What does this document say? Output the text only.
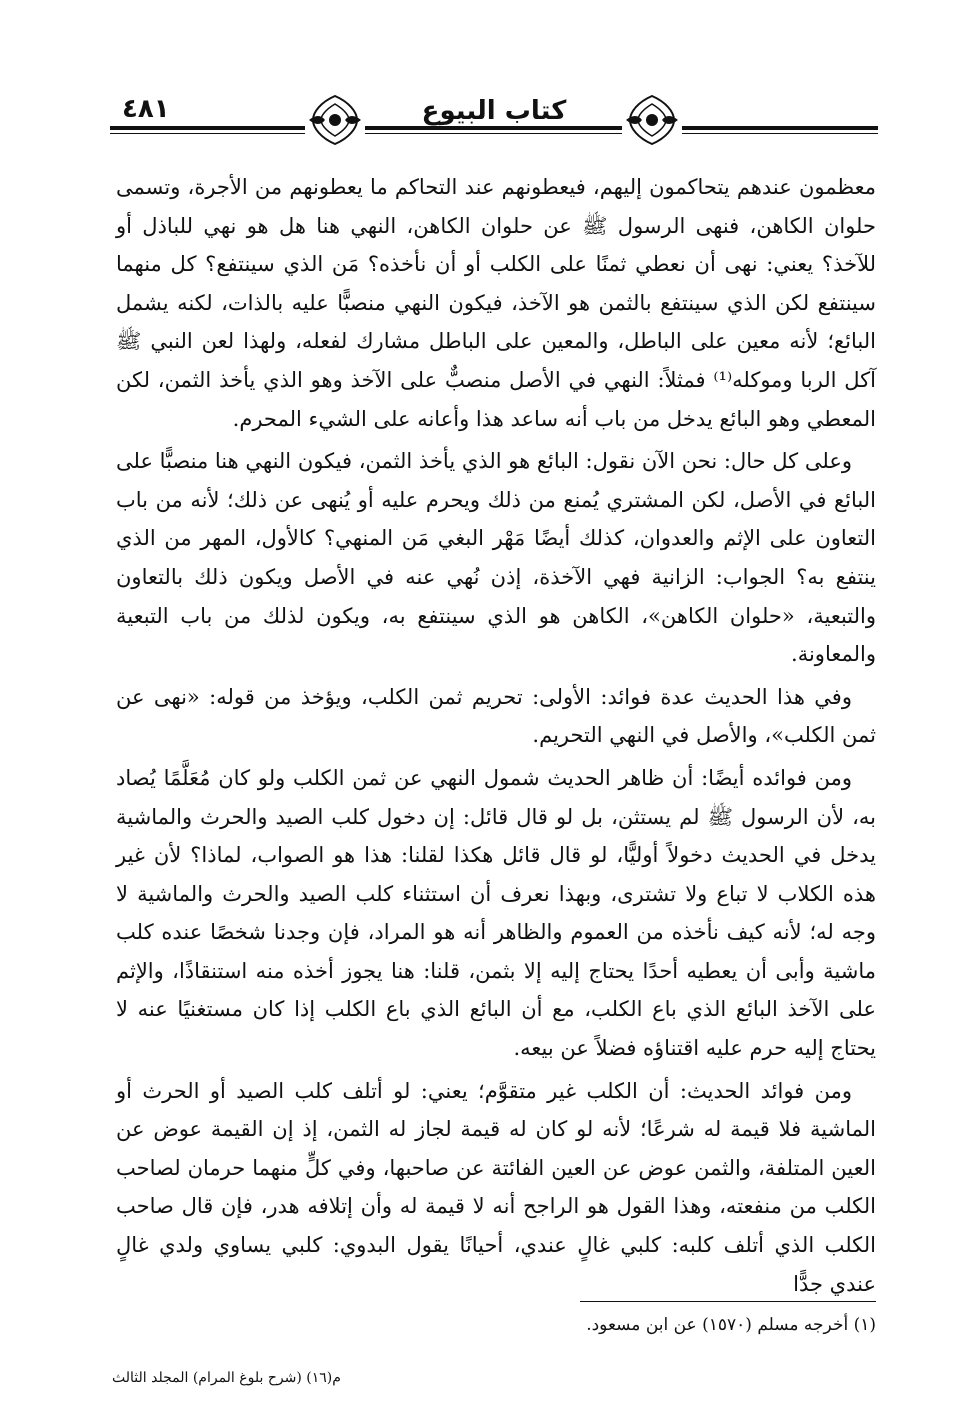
٤٨١	كتاب البيوع

معظمون عندهم يتحاكمون إليهم، فيعطونهم عند التحاكم ما يعطونهم من الأجرة، وتسمى حلوان الكاهن، فنهى الرسول ﷺ عن حلوان الكاهن، النهي هنا هل هو نهي للباذل أو للآخذ؟ يعني: نهى أن نعطي ثمنًا على الكلب أو أن نأخذه؟ مَن الذي سينتفع؟ كل منهما سينتفع لكن الذي سينتفع بالثمن هو الآخذ، فيكون النهي منصبًّا عليه بالذات، لكنه يشمل البائع؛ لأنه معين على الباطل، والمعين على الباطل مشارك لفعله، ولهذا لعن النبي ﷺ آكل الربا وموكله⁽¹⁾ فمثلاً: النهي في الأصل منصبٌّ على الآخذ وهو الذي يأخذ الثمن، لكن المعطي وهو البائع يدخل من باب أنه ساعد هذا وأعانه على الشيء المحرم.

وعلى كل حال: نحن الآن نقول: البائع هو الذي يأخذ الثمن، فيكون النهي هنا منصبًّا على البائع في الأصل، لكن المشتري يُمنع من ذلك ويحرم عليه أو يُنهى عن ذلك؛ لأنه من باب التعاون على الإثم والعدوان، كذلك أيضًا مَهْر البغي مَن المنهي؟ كالأول، المهر من الذي ينتفع به؟ الجواب: الزانية فهي الآخذة، إذن نُهي عنه في الأصل ويكون ذلك بالتعاون والتبعية، «حلوان الكاهن»، الكاهن هو الذي سينتفع به، ويكون لذلك من باب التبعية والمعاونة.

وفي هذا الحديث عدة فوائد: الأولى: تحريم ثمن الكلب، ويؤخذ من قوله: «نهى عن ثمن الكلب»، والأصل في النهي التحريم.

ومن فوائده أيضًا: أن ظاهر الحديث شمول النهي عن ثمن الكلب ولو كان مُعَلَّمًا يُصاد به، لأن الرسول ﷺ لم يستثن، بل لو قال قائل: إن دخول كلب الصيد والحرث والماشية يدخل في الحديث دخولاً أوليًّا، لو قال قائل هكذا لقلنا: هذا هو الصواب، لماذا؟ لأن غير هذه الكلاب لا تباع ولا تشترى، وبهذا نعرف أن استثناء كلب الصيد والحرث والماشية لا وجه له؛ لأنه كيف نأخذه من العموم والظاهر أنه هو المراد، فإن وجدنا شخصًا عنده كلب ماشية وأبى أن يعطيه أحدًا يحتاج إليه إلا بثمن، قلنا: هنا يجوز أخذه منه استنقاذًا، والإثم على الآخذ البائع الذي باع الكلب، مع أن البائع الذي باع الكلب إذا كان مستغنيًا عنه لا يحتاج إليه حرم عليه اقتناؤه فضلاً عن بيعه.

ومن فوائد الحديث: أن الكلب غير متقوَّم؛ يعني: لو أتلف كلب الصيد أو الحرث أو الماشية فلا قيمة له شرعًا؛ لأنه لو كان له قيمة لجاز له الثمن، إذ إن القيمة عوض عن العين المتلفة، والثمن عوض عن العين الفائتة عن صاحبها، وفي كلٍّ منهما حرمان لصاحب الكلب من منفعته، وهذا القول هو الراجح أنه لا قيمة له وأن إتلافه هدر، فإن قال صاحب الكلب الذي أتلف كلبه: كلبي غالٍ عندي، أحيانًا يقول البدوي: كلبي يساوي ولدي غالٍ عندي جدًّا

(١) أخرجه مسلم (١٥٧٠) عن ابن مسعود.
م(١٦) (شرح بلوغ المرام) المجلد الثالث
